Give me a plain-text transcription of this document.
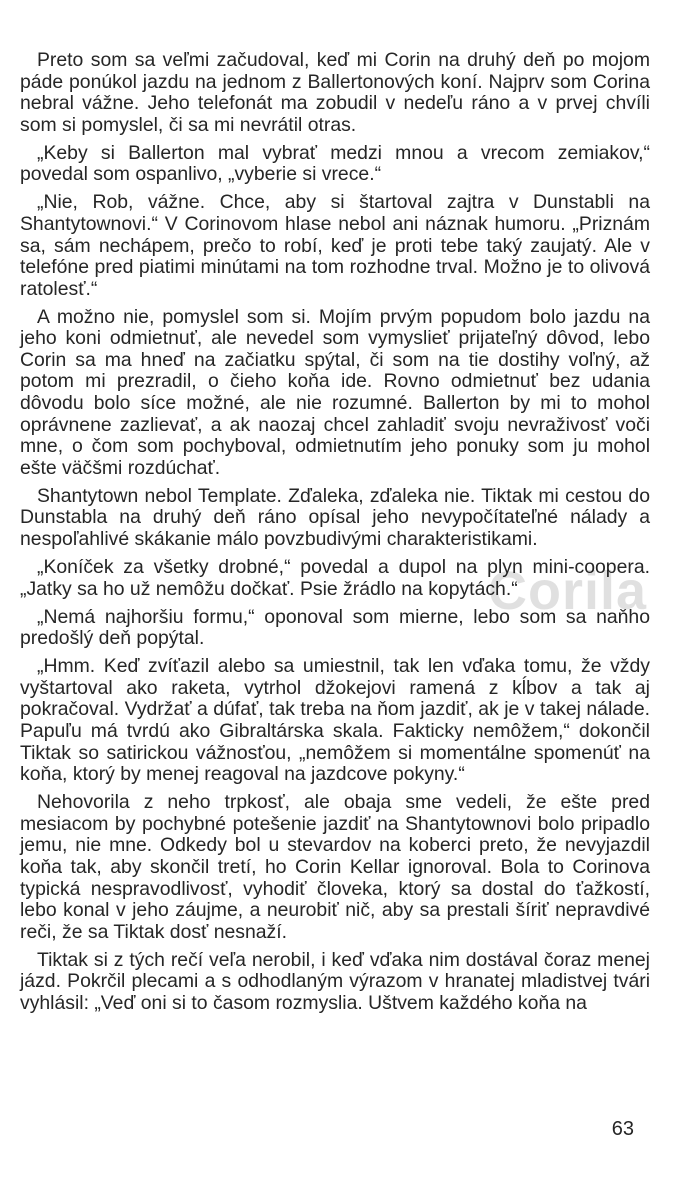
Preto som sa veľmi začudoval, keď mi Corin na druhý deň po mojom páde ponúkol jazdu na jednom z Ballertonových koní. Najprv som Corina nebral vážne. Jeho telefonát ma zobudil v nedeľu ráno a v prvej chvíli som si pomyslel, či sa mi nevrátil otras.

„Keby si Ballerton mal vybrať medzi mnou a vrecom zemiakov,“ povedal som ospanlivo, „vyberie si vrece.“

„Nie, Rob, vážne. Chce, aby si štartoval zajtra v Dunstabli na Shantytownovi.“ V Corinovom hlase nebol ani náznak humoru. „Priznám sa, sám nechápem, prečo to robí, keď je proti tebe taký zaujatý. Ale v telefóne pred piatimi minútami na tom rozhodne trval. Možno je to olivová ratolesť.“

A možno nie, pomyslel som si. Mojím prvým popudom bolo jazdu na jeho koni odmietnuť, ale nevedel som vymyslieť prijateľný dôvod, lebo Corin sa ma hneď na začiatku spýtal, či som na tie dostihy voľný, až potom mi prezradil, o čieho koňa ide. Rovno odmietnuť bez udania dôvodu bolo síce možné, ale nie rozumné. Ballerton by mi to mohol oprávnene zazlievať, a ak naozaj chcel zahladiť svoju nevraživosť voči mne, o čom som pochyboval, odmietnutím jeho ponuky som ju mohol ešte väčšmi rozdúchať.

Shantytown nebol Template. Zďaleka, zďaleka nie. Tiktak mi cestou do Dunstabla na druhý deň ráno opísal jeho nevypočítateľné nálady a nespoľahlivé skákanie málo povzbudivými charakteristikami.

„Koníček za všetky drobné,“ povedal a dupol na plyn mini-coopera. „Jatky sa ho už nemôžu dočkať. Psie žrádlo na kopytách.“

„Nemá najhoršiu formu,“ oponoval som mierne, lebo som sa naňho predošlý deň popýtal.

„Hmm. Keď zvíťazil alebo sa umiestnil, tak len vďaka tomu, že vždy vyštartoval ako raketa, vytrhol džokejovi ramená z kĺbov a tak aj pokračoval. Vydržať a dúfať, tak treba na ňom jazdiť, ak je v takej nálade. Papuľu má tvrdú ako Gibraltárska skala. Fakticky nemôžem,“ dokončil Tiktak so satirickou vážnosťou, „nemôžem si momentálne spomenúť na koňa, ktorý by menej reagoval na jazdcove pokyny.“

Nehovorila z neho trpkosť, ale obaja sme vedeli, že ešte pred mesiacom by pochybné potešenie jazdiť na Shantytownovi bolo pripadlo jemu, nie mne. Odkedy bol u stevardov na koberci preto, že nevyjazdil koňa tak, aby skončil tretí, ho Corin Kellar ignoroval. Bola to Corinova typická nespravodlivosť, vyhodiť človeka, ktorý sa dostal do ťažkostí, lebo konal v jeho záujme, a neurobiť nič, aby sa prestali šíriť nepravdivé reči, že sa Tiktak dosť nesnaží.

Tiktak si z tých rečí veľa nerobil, i keď vďaka nim dostával čoraz menej jázd. Pokrčil plecami a s odhodlaným výrazom v hranatej mladistvej tvári vyhlásil: „Veď oni si to časom rozmyslia. Uštvem každého koňa na

Corila
63
